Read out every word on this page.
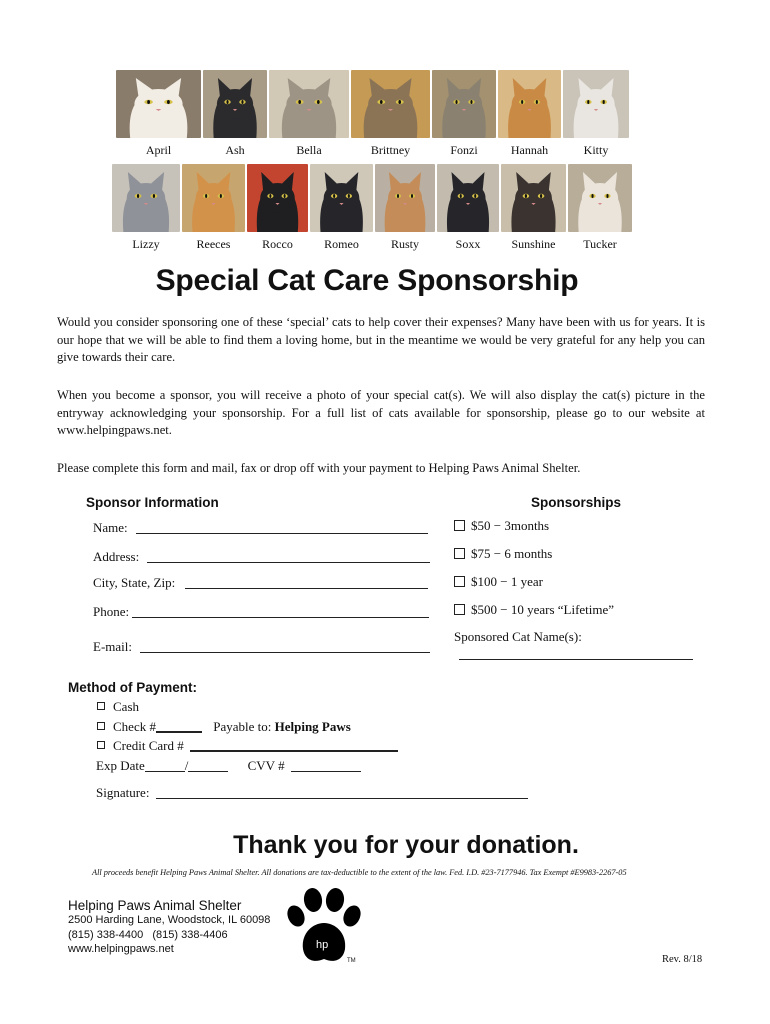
April	Ash	Bella	Brittney	Fonzi	Hannah	Kitty
Lizzy	Reeces	Rocco	Romeo	Rusty	Soxx	Sunshine Tucker
Special Cat Care Sponsorship
Would you consider sponsoring one of these ‘special’ cats to help cover their expenses? Many have been with us for years. It is our hope that we will be able to find them a loving home, but in the meantime we would be very grateful for any help you can give towards their care.
When you become a sponsor, you will receive a photo of your special cat(s). We will also display the cat(s) picture in the entryway acknowledging your sponsorship. For a full list of cats available for sponsorship, please go to our website at www.helpingpaws.net.
Please complete this form and mail, fax or drop off with your payment to Helping Paws Animal Shelter.
Sponsor Information
Name:
Address:
City, State, Zip:
Phone:
E-mail:
Sponsorships
$50 − 3months
$75 − 6 months
$100 − 1 year
$500 − 10 years “Lifetime”
Sponsored Cat Name(s):
Method of Payment:
Cash
Check #	Payable to: Helping Paws
Credit Card #
Exp Date	/	CVV #
Signature:
Thank you for your donation.
All proceeds benefit Helping Paws Animal Shelter. All donations are tax-deductible to the extent of the law. Fed. I.D. #23-7177946. Tax Exempt #E9983-2267-05
Helping Paws Animal Shelter
2500 Harding Lane, Woodstock, IL 60098
(815) 338-4400   (815) 338-4406
www.helpingpaws.net	hp
TM	Rev. 8/18
